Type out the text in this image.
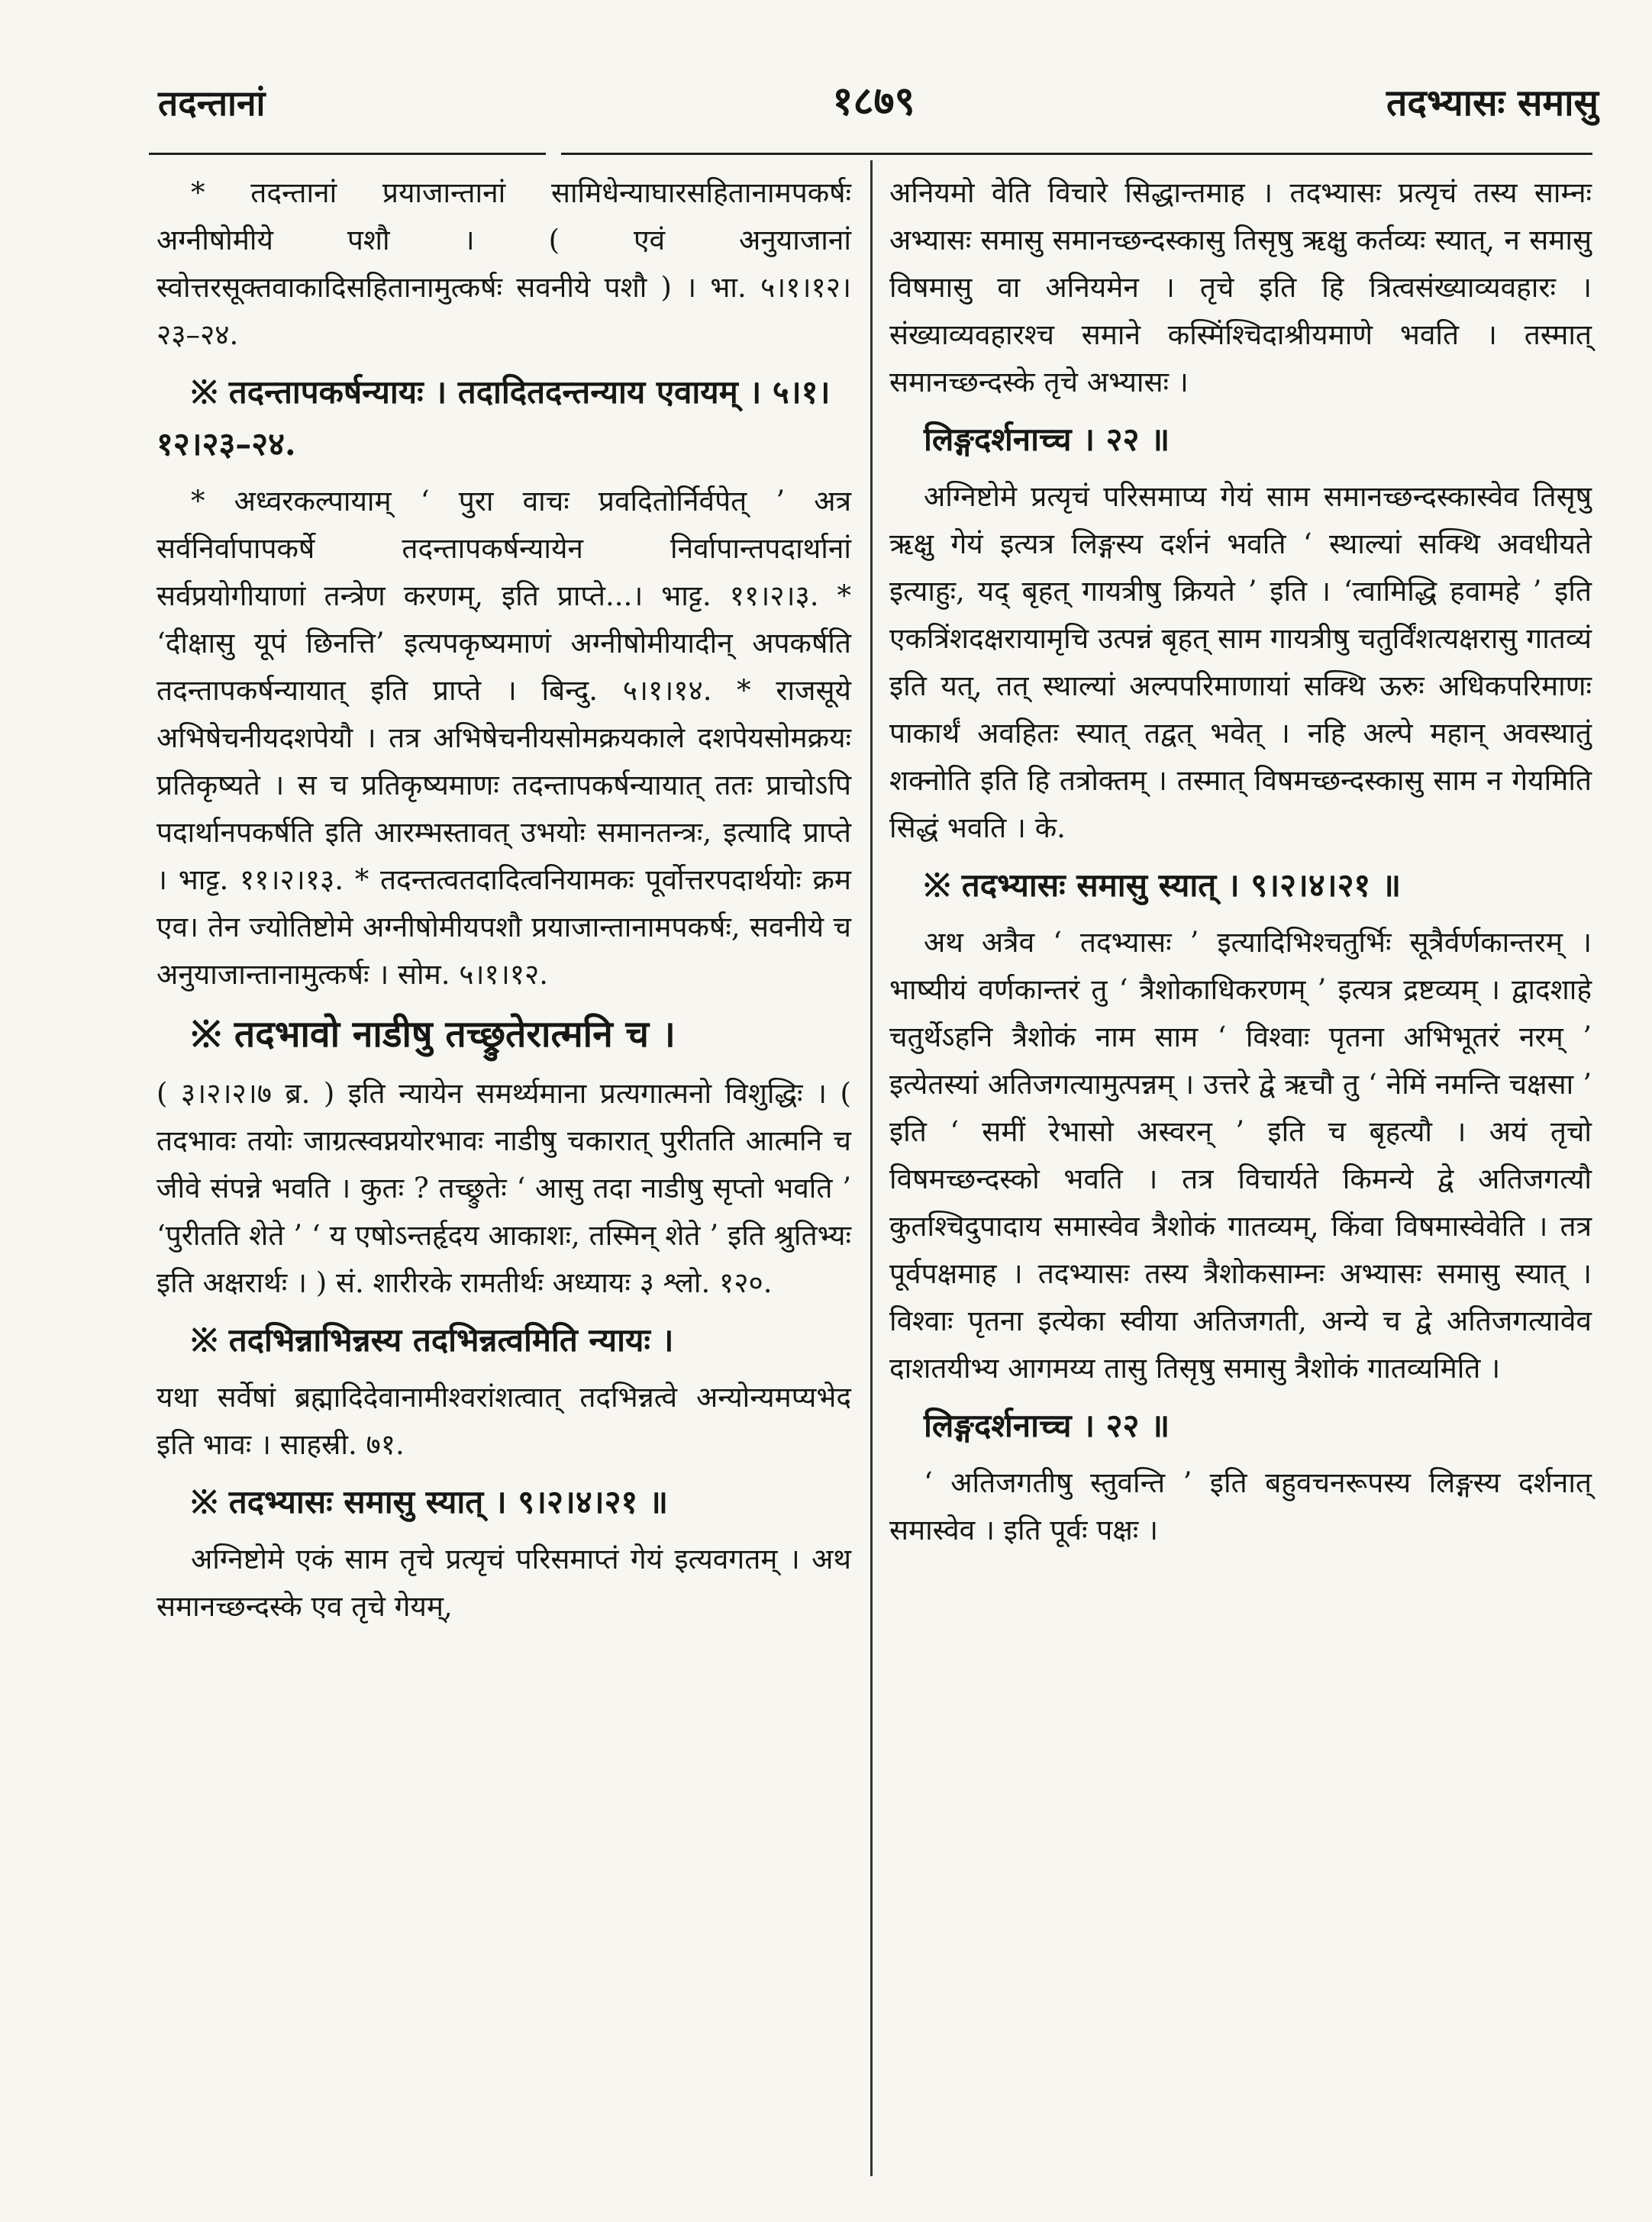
तदन्तानां	१८७९	तदभ्यासः समासु

* तदन्तानां प्रयाजान्तानां सामिधेन्याघारसहितानामपकर्षः अग्नीषोमीये पशौ । ( एवं अनुयाजानां स्वोत्तरसूक्तवाकादिसहितानामुत्कर्षः सवनीये पशौ ) । भा. ५।१।१२।२३–२४.

※ तदन्तापकर्षन्यायः । तदादितदन्तन्याय एवायम् । ५।१।१२।२३–२४.

* अध्वरकल्पायाम् ‘ पुरा वाचः प्रवदितोर्निर्वपेत् ’ अत्र सर्वनिर्वापापकर्षे तदन्तापकर्षन्यायेन निर्वापान्तपदार्थानां सर्वप्रयोगीयाणां तन्त्रेण करणम्, इति प्राप्ते...। भाट्ट. ११।२।३. * ‘दीक्षासु यूपं छिनत्ति’ इत्यपकृष्यमाणं अग्नीषोमीयादीन् अपकर्षति तदन्तापकर्षन्यायात् इति प्राप्ते । बिन्दु. ५।१।१४. * राजसूये अभिषेचनीयदशपेयौ । तत्र अभिषेचनीयसोमक्रयकाले दशपेयसोमक्रयः प्रतिकृष्यते । स च प्रतिकृष्यमाणः तदन्तापकर्षन्यायात् ततः प्राचोऽपि पदार्थानपकर्षति इति आरम्भस्तावत् उभयोः समानतन्त्रः, इत्यादि प्राप्ते । भाट्ट. ११।२।१३. * तदन्तत्वतदादित्वनियामकः पूर्वोत्तरपदार्थयोः क्रम एव। तेन ज्योतिष्टोमे अग्नीषोमीयपशौ प्रयाजान्तानामपकर्षः, सवनीये च अनुयाजान्तानामुत्कर्षः । सोम. ५।१।१२.

※ तदभावो नाडीषु तच्छ्रुतेरात्मनि च ।

( ३।२।२।७ ब्र. ) इति न्यायेन समर्थ्यमाना प्रत्यगात्मनो विशुद्धिः । ( तदभावः तयोः जाग्रत्स्वप्नयोरभावः नाडीषु चकारात् पुरीतति आत्मनि च जीवे संपन्ने भवति । कुतः ? तच्छ्रुतेः ‘ आसु तदा नाडीषु सृप्तो भवति ’ ‘पुरीतति शेते ’ ‘ य एषोऽन्तर्हृदय आकाशः, तस्मिन् शेते ’ इति श्रुतिभ्यः इति अक्षरार्थः । ) सं. शारीरके रामतीर्थः अध्यायः ३ श्लो. १२०.

※ तदभिन्नाभिन्नस्य तदभिन्नत्वमिति न्यायः ।

यथा सर्वेषां ब्रह्मादिदेवानामीश्वरांशत्वात् तदभिन्नत्वे अन्योन्यमप्यभेद इति भावः । साहस्री. ७१.

※ तदभ्यासः समासु स्यात् । ९।२।४।२१ ॥

अग्निष्टोमे एकं साम तृचे प्रत्यृचं परिसमाप्तं गेयं इत्यवगतम् । अथ समानच्छन्दस्के एव तृचे गेयम्,

अनियमो वेति विचारे सिद्धान्तमाह । तदभ्यासः प्रत्यृचं तस्य साम्नः अभ्यासः समासु समानच्छन्दस्कासु तिसृषु ऋक्षु कर्तव्यः स्यात्, न समासु विषमासु वा अनियमेन । तृचे इति हि त्रित्वसंख्याव्यवहारः । संख्याव्यवहारश्च समाने कस्मिंश्चिदाश्रीयमाणे भवति । तस्मात् समानच्छन्दस्के तृचे अभ्यासः ।

लिङ्गदर्शनाच्च । २२ ॥

अग्निष्टोमे प्रत्यृचं परिसमाप्य गेयं साम समानच्छन्दस्कास्वेव तिसृषु ऋक्षु गेयं इत्यत्र लिङ्गस्य दर्शनं भवति ‘ स्थाल्यां सक्थि अवधीयते इत्याहुः, यद् बृहत् गायत्रीषु क्रियते ’ इति । ‘त्वामिद्धि हवामहे ’ इति एकत्रिंशदक्षरायामृचि उत्पन्नं बृहत् साम गायत्रीषु चतुर्विंशत्यक्षरासु गातव्यं इति यत्, तत् स्थाल्यां अल्पपरिमाणायां सक्थि ऊरुः अधिकपरिमाणः पाकार्थं अवहितः स्यात् तद्वत् भवेत् । नहि अल्पे महान् अवस्थातुं शक्नोति इति हि तत्रोक्तम् । तस्मात् विषमच्छन्दस्कासु साम न गेयमिति सिद्धं भवति । के.

※ तदभ्यासः समासु स्यात् । ९।२।४।२१ ॥

अथ अत्रैव ‘ तदभ्यासः ’ इत्यादिभिश्चतुर्भिः सूत्रैर्वर्णकान्तरम् । भाष्यीयं वर्णकान्तरं तु ‘ त्रैशोकाधिकरणम् ’ इत्यत्र द्रष्टव्यम् । द्वादशाहे चतुर्थेऽहनि त्रैशोकं नाम साम ‘ विश्वाः पृतना अभिभूतरं नरम् ’ इत्येतस्यां अतिजगत्यामुत्पन्नम् । उत्तरे द्वे ऋचौ तु ‘ नेमिं नमन्ति चक्षसा ’ इति ‘ समीं रेभासो अस्वरन् ’ इति च बृहत्यौ । अयं तृचो विषमच्छन्दस्को भवति । तत्र विचार्यते किमन्ये द्वे अतिजगत्यौ कुतश्चिदुपादाय समास्वेव त्रैशोकं गातव्यम्, किंवा विषमास्वेवेति । तत्र पूर्वपक्षमाह । तदभ्यासः तस्य त्रैशोकसाम्नः अभ्यासः समासु स्यात् । विश्वाः पृतना इत्येका स्वीया अतिजगती, अन्ये च द्वे अतिजगत्यावेव दाशतयीभ्य आगमय्य तासु तिसृषु समासु त्रैशोकं गातव्यमिति ।

लिङ्गदर्शनाच्च । २२ ॥

‘ अतिजगतीषु स्तुवन्ति ’ इति बहुवचनरूपस्य लिङ्गस्य दर्शनात् समास्वेव । इति पूर्वः पक्षः ।
